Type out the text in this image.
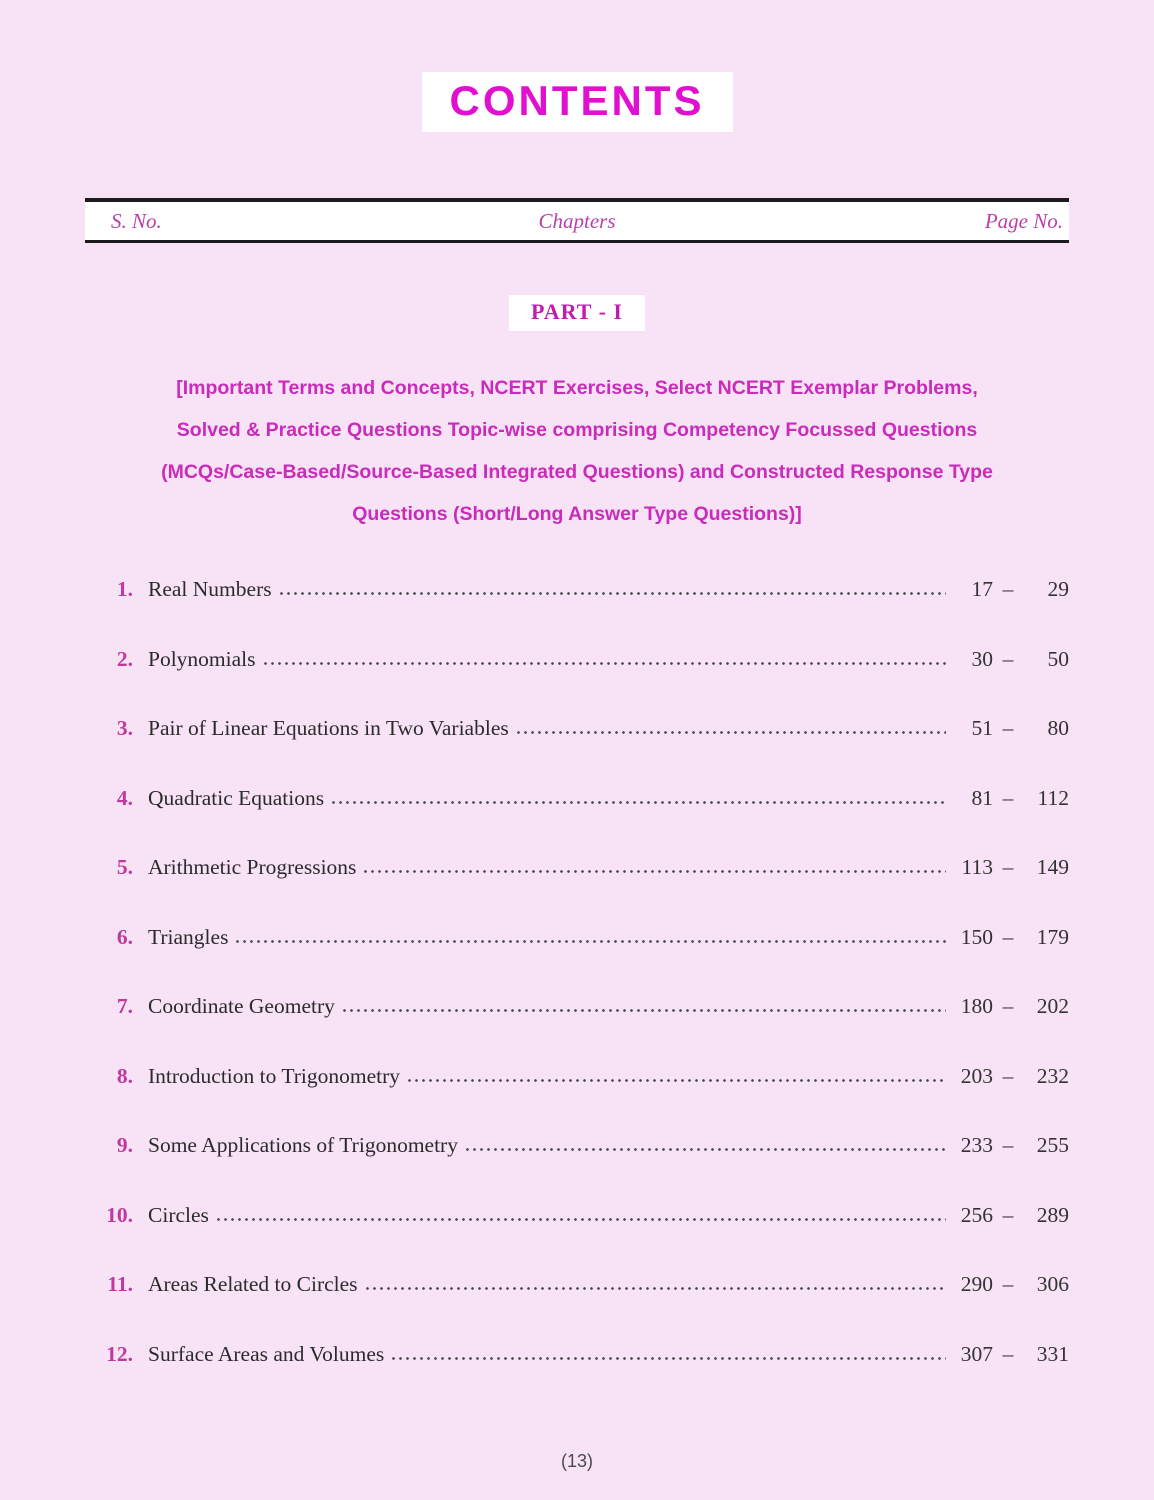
CONTENTS
S. No.	Chapters	Page No.
PART - I
[Important Terms and Concepts, NCERT Exercises, Select NCERT Exemplar Problems,
Solved & Practice Questions Topic-wise comprising Competency Focussed Questions
(MCQs/Case-Based/Source-Based Integrated Questions) and Constructed Response Type
Questions (Short/Long Answer Type Questions)]
1. Real Numbers	17 –	29
2. Polynomials	30 –	50
3. Pair of Linear Equations in Two Variables	51 –	80
4. Quadratic Equations	81 –	112
5. Arithmetic Progressions	113 –	149
6. Triangles	150 –	179
7. Coordinate Geometry	180 –	202
8. Introduction to Trigonometry	203 –	232
9. Some Applications of Trigonometry	233 –	255
10. Circles	256 –	289
11. Areas Related to Circles	290 –	306
12. Surface Areas and Volumes	307 –	331
(13)
